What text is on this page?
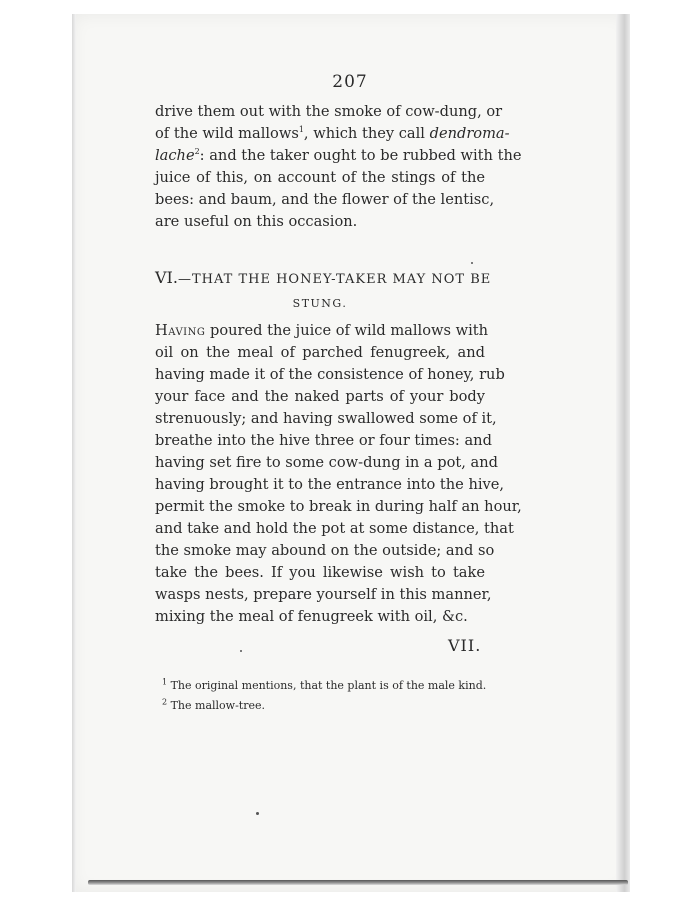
207
drive them out with the smoke of cow-dung, or
of the wild mallows$^1$, which they call dendroma-
lache$^2$: and the taker ought to be rubbed with the
juice of this, on account of the stings of the
bees: and baum, and the flower of the lentisc,
are useful on this occasion.
VI.—THAT THE HONEY-TAKER MAY NOT BE
STUNG.
Having poured the juice of wild mallows with
oil on the meal of parched fenugreek, and
having made it of the consistence of honey, rub
your face and the naked parts of your body
strenuously; and having swallowed some of it,
breathe into the hive three or four times: and
having set fire to some cow-dung in a pot, and
having brought it to the entrance into the hive,
permit the smoke to break in during half an hour,
and take and hold the pot at some distance, that
the smoke may abound on the outside; and so
take the bees. If you likewise wish to take
wasps nests, prepare yourself in this manner,
mixing the meal of fenugreek with oil, &c.
VII.
$^1$ The original mentions, that the plant is of the male kind.
$^2$ The mallow-tree.
